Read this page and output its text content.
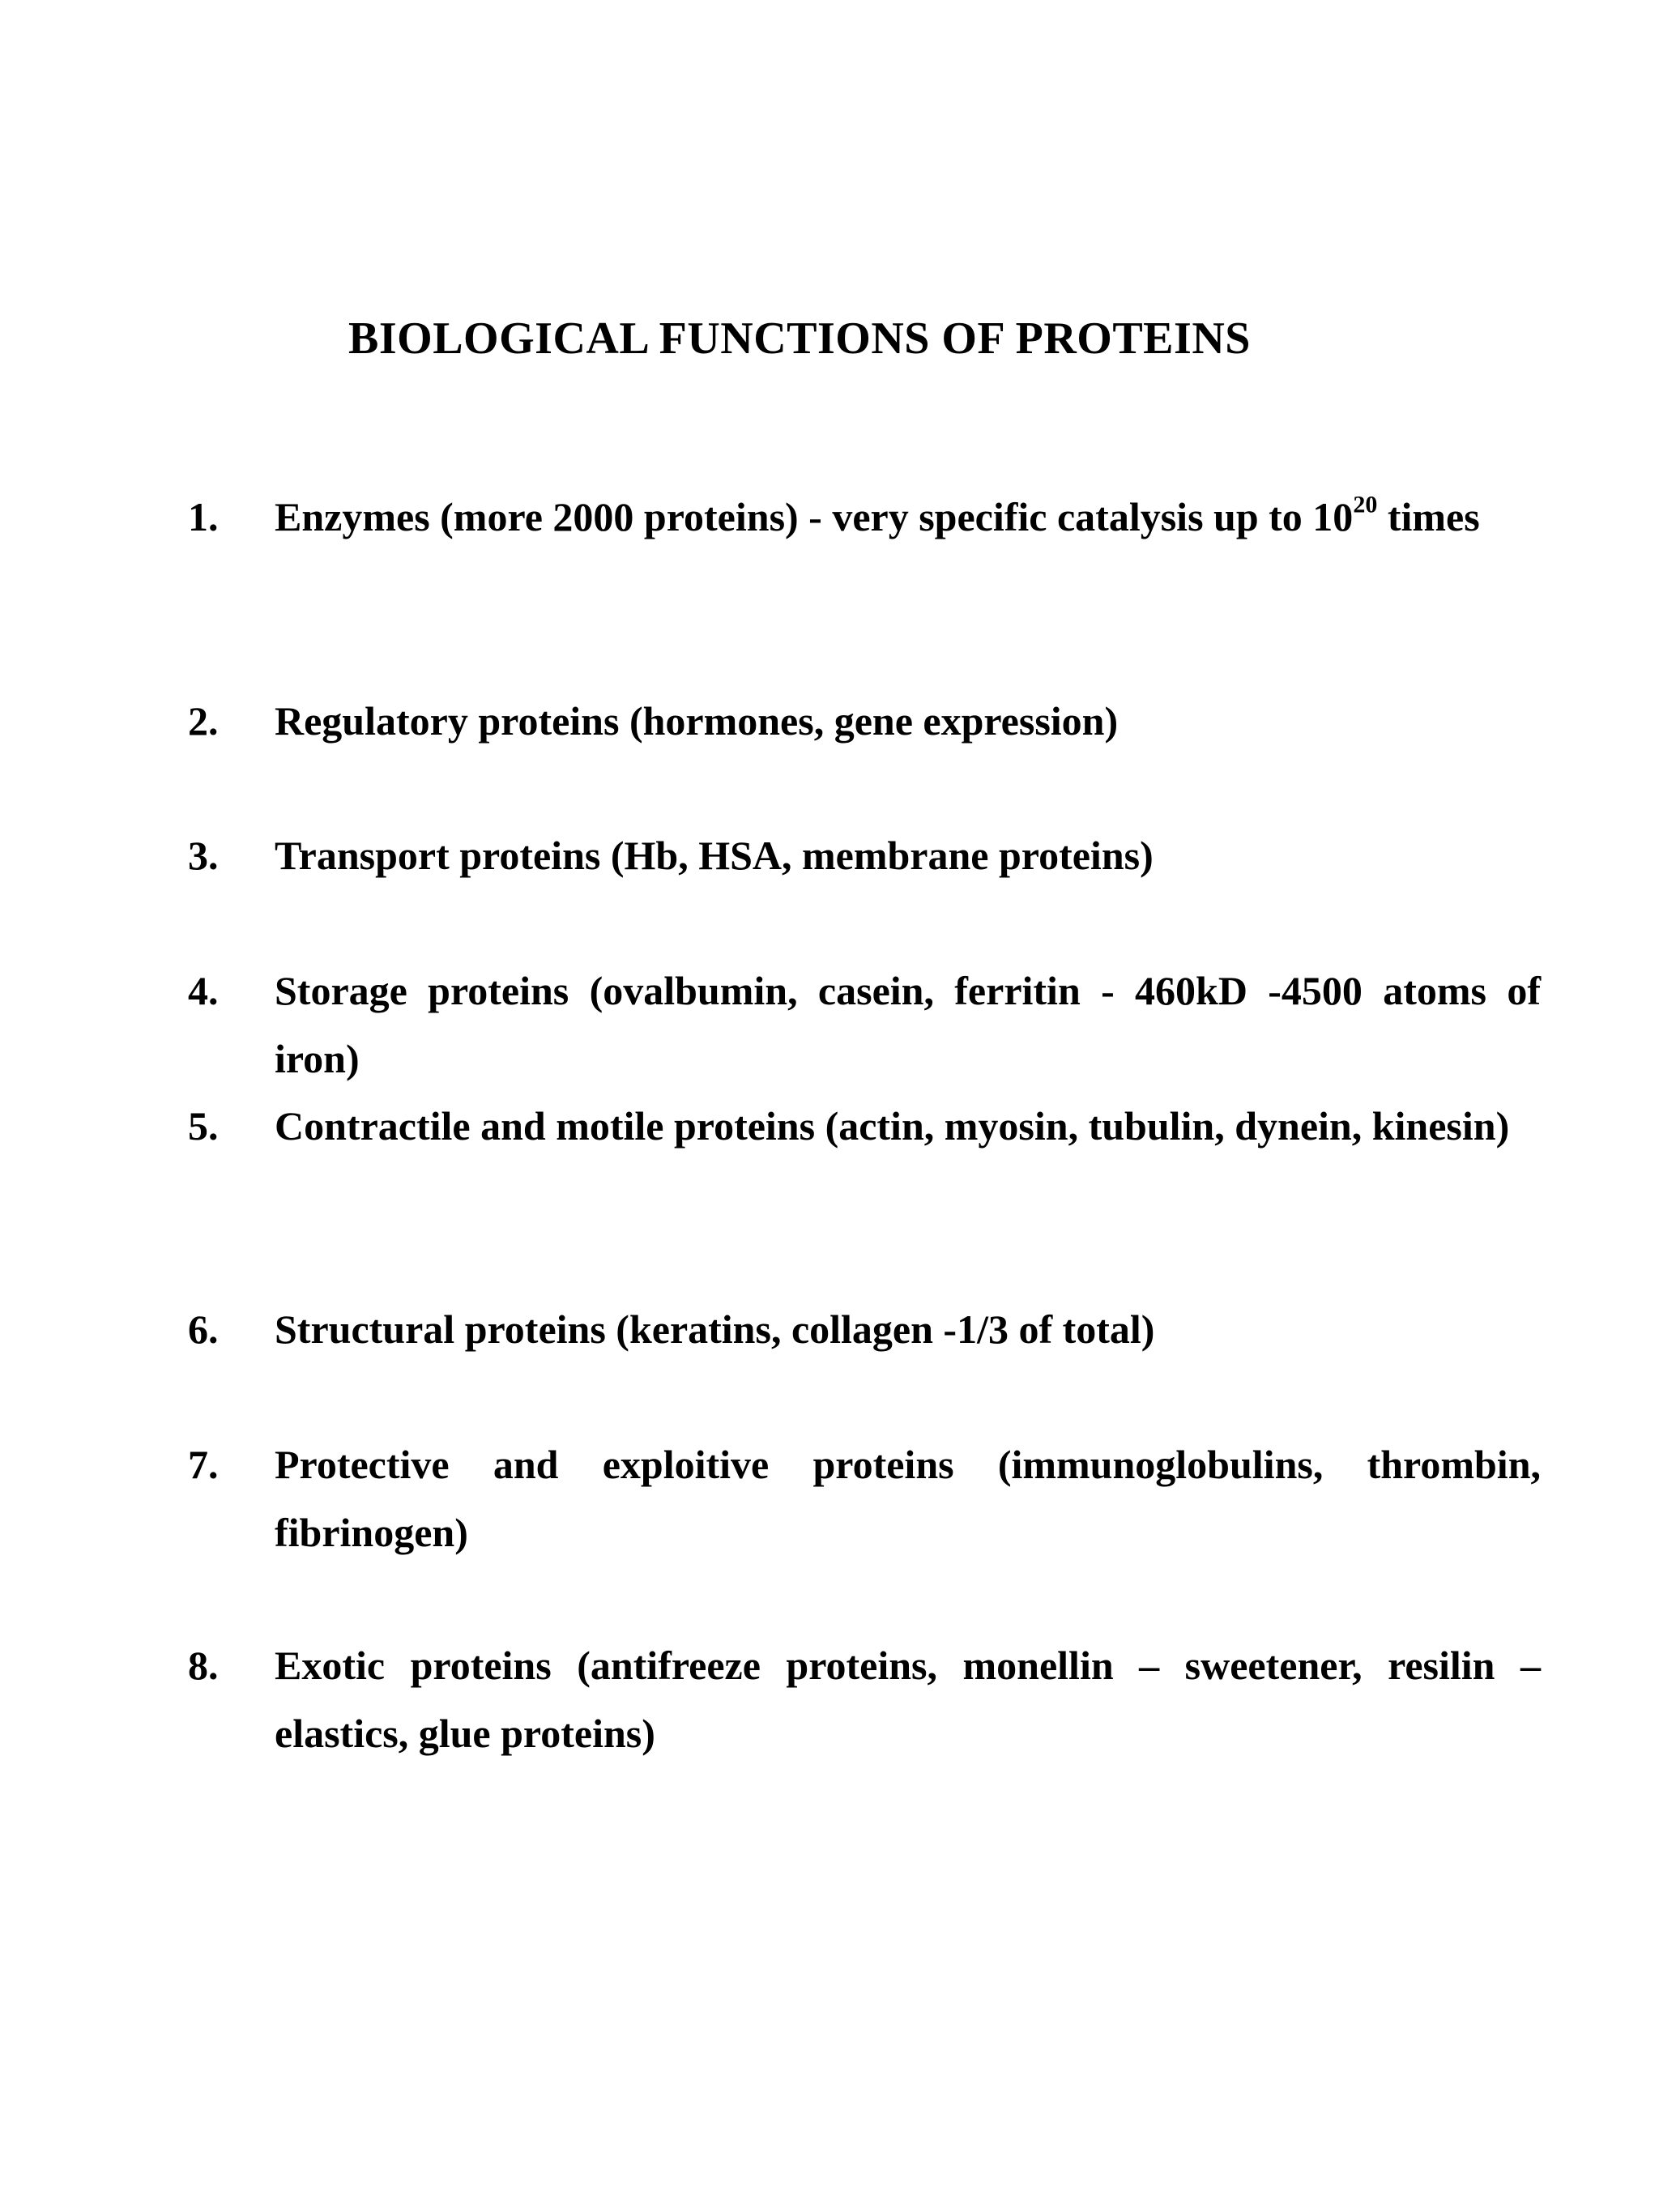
BIOLOGICAL FUNCTIONS OF PROTEINS
1.	Enzymes (more 2000 proteins) - very specific catalysis up to $10^{20}$ times
2.	Regulatory proteins (hormones, gene expression)
3.	Transport proteins (Hb, HSA, membrane proteins)
4.	Storage proteins (ovalbumin, casein, ferritin - 460kD -4500 atoms of iron)
5.	Contractile and motile proteins (actin, myosin, tubulin, dynein, kinesin)
6.	Structural proteins (keratins, collagen -1/3 of total)
7.	Protective and exploitive proteins (immunoglobulins, thrombin, fibrinogen)
8.	Exotic proteins (antifreeze proteins, monellin – sweetener, resilin – elastics, glue proteins)
